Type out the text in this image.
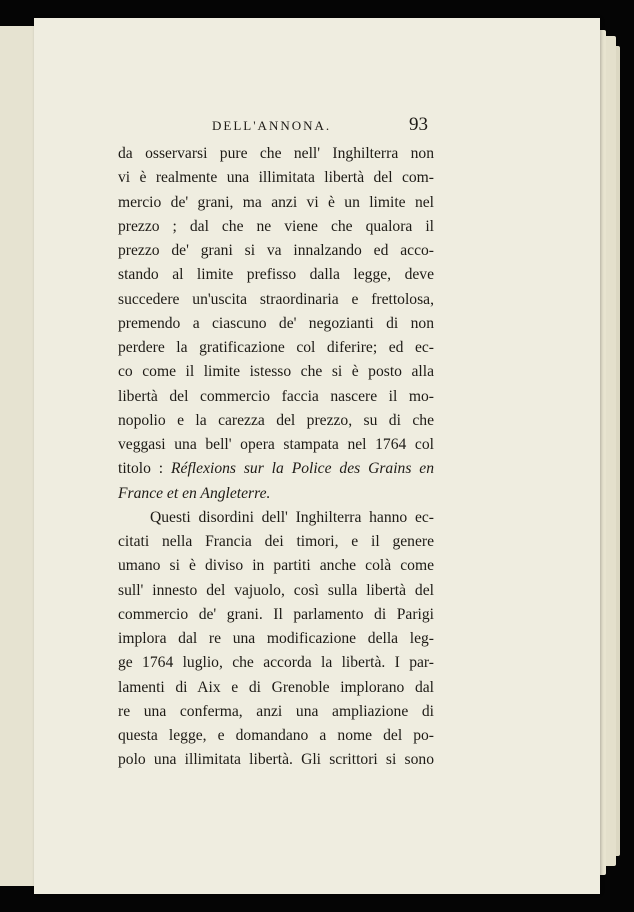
DELL'ANNONA.	93
da osservarsi pure che nell' Inghilterra non
vi è realmente una illimitata libertà del com-
mercio de' grani, ma anzi vi è un limite nel
prezzo ; dal che ne viene che qualora il
prezzo de' grani si va innalzando ed acco-
stando al limite prefisso dalla legge, deve
succedere un'uscita straordinaria e frettolosa,
premendo a ciascuno de' negozianti di non
perdere la gratificazione col diferire; ed ec-
co come il limite istesso che si è posto alla
libertà del commercio faccia nascere il mo-
nopolio e la carezza del prezzo, su di che
veggasi una bell' opera stampata nel 1764 col
titolo : Réflexions sur la Police des Grains en
France et en Angleterre.
Questi disordini dell' Inghilterra hanno ec-
citati nella Francia dei timori, e il genere
umano si è diviso in partiti anche colà come
sull' innesto del vajuolo, così sulla libertà del
commercio de' grani. Il parlamento di Parigi
implora dal re una modificazione della leg-
ge 1764 luglio, che accorda la libertà. I par-
lamenti di Aix e di Grenoble implorano dal
re una conferma, anzi una ampliazione di
questa legge, e domandano a nome del po-
polo una illimitata libertà. Gli scrittori si sono
